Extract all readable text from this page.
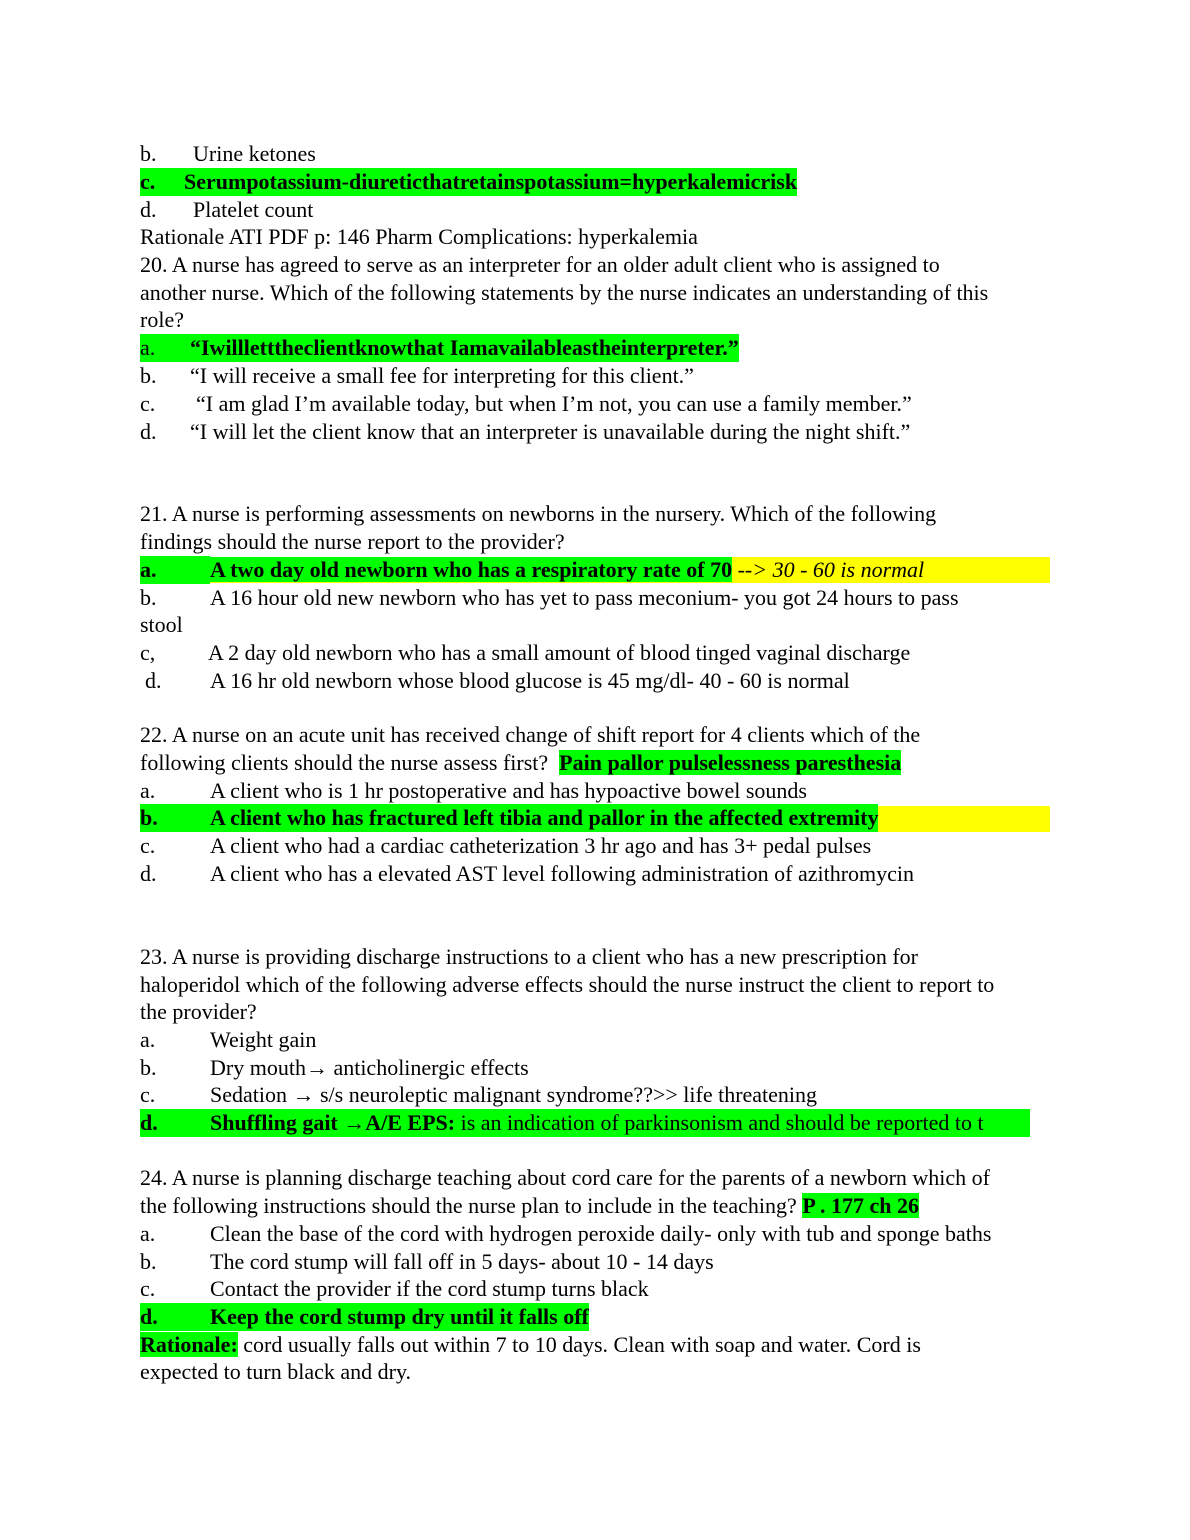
b. Urine ketones
c.	Serumpotassium-diureticthatretainspotassium=hyperkalemicrisk
d. Platelet count
Rationale ATI PDF p: 146 Pharm Complications: hyperkalemia
20. A nurse has agreed to serve as an interpreter for an older adult client who is assigned to
another nurse. Which of the following statements by the nurse indicates an understanding of this
role?
a.	“Iwillletttheclientknowthat Iamavailableastheinterpreter.”
b. “I will receive a small fee for interpreting for this client.”
c. “I am glad I’m available today, but when I’m not, you can use a family member.”
d. “I will let the client know that an interpreter is unavailable during the night shift.”
21. A nurse is performing assessments on newborns in the nursery. Which of the following
findings should the nurse report to the provider?
a.	A two day old newborn who has a respiratory rate of 70 --> 30 - 60 is normal
b. A 16 hour old new newborn who has yet to pass meconium- you got 24 hours to pass
stool
c, A 2 day old newborn who has a small amount of blood tinged vaginal discharge
d. A 16 hr old newborn whose blood glucose is 45 mg/dl- 40 - 60 is normal
22. A nurse on an acute unit has received change of shift report for 4 clients which of the
following clients should the nurse assess first?  Pain pallor pulselessness paresthesia
a. A client who is 1 hr postoperative and has hypoactive bowel sounds
b.	A client who has fractured left tibia and pallor in the affected extremity
c. A client who had a cardiac catheterization 3 hr ago and has 3+ pedal pulses
d. A client who has a elevated AST level following administration of azithromycin
23. A nurse is providing discharge instructions to a client who has a new prescription for
haloperidol which of the following adverse effects should the nurse instruct the client to report to
the provider?
a. Weight gain
b. Dry mouth→ anticholinergic effects
c. Sedation → s/s neuroleptic malignant syndrome??>> life threatening
d.	Shuffling gait →A/E EPS: is an indication of parkinsonism and should be reported to t
24. A nurse is planning discharge teaching about cord care for the parents of a newborn which of
the following instructions should the nurse plan to include in the teaching? P . 177 ch 26
a. Clean the base of the cord with hydrogen peroxide daily- only with tub and sponge baths
b. The cord stump will fall off in 5 days- about 10 - 14 days
c. Contact the provider if the cord stump turns black
d.	Keep the cord stump dry until it falls off
Rationale: cord usually falls out within 7 to 10 days. Clean with soap and water. Cord is
expected to turn black and dry.
